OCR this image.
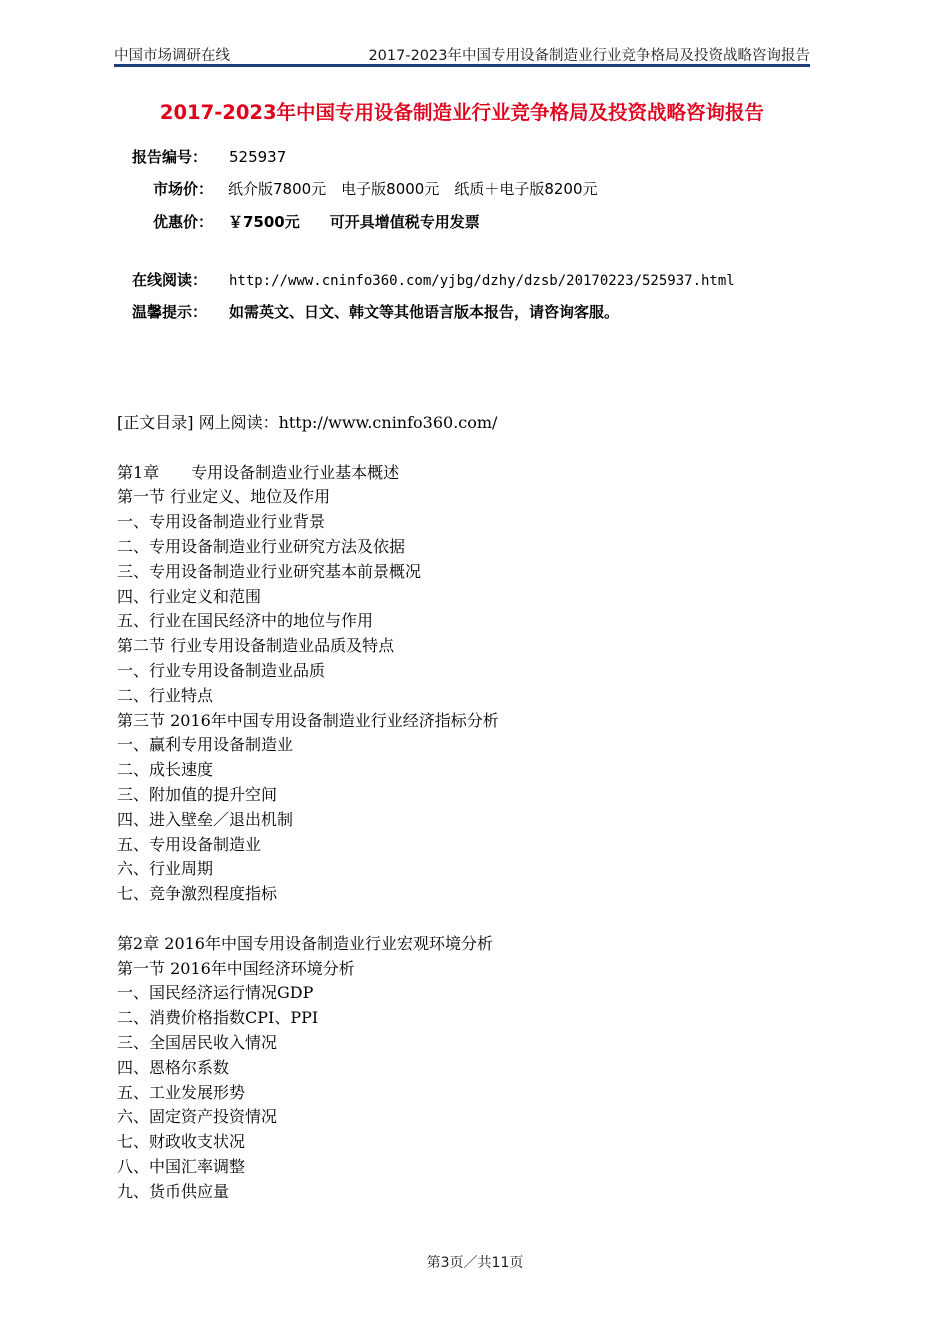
中国市场调研在线	2017-2023年中国专用设备制造业行业竞争格局及投资战略咨询报告
2017-2023年中国专用设备制造业行业竞争格局及投资战略咨询报告
报告编号： 525937
市场价： 纸介版7800元　电子版8000元　纸质＋电子版8200元
优惠价： ￥7500元　　可开具增值税专用发票
在线阅读： http://www.cninfo360.com/yjbg/dzhy/dzsb/20170223/525937.html
温馨提示： 如需英文、日文、韩文等其他语言版本报告，请咨询客服。
[正文目录] 网上阅读：http://www.cninfo360.com/
第1章　　专用设备制造业行业基本概述
第一节 行业定义、地位及作用
一、专用设备制造业行业背景
二、专用设备制造业行业研究方法及依据
三、专用设备制造业行业研究基本前景概况
四、行业定义和范围
五、行业在国民经济中的地位与作用
第二节 行业专用设备制造业品质及特点
一、行业专用设备制造业品质
二、行业特点
第三节 2016年中国专用设备制造业行业经济指标分析
一、赢利专用设备制造业
二、成长速度
三、附加值的提升空间
四、进入壁垒／退出机制
五、专用设备制造业
六、行业周期
七、竞争激烈程度指标
第2章 2016年中国专用设备制造业行业宏观环境分析
第一节 2016年中国经济环境分析
一、国民经济运行情况GDP
二、消费价格指数CPI、PPI
三、全国居民收入情况
四、恩格尔系数
五、工业发展形势
六、固定资产投资情况
七、财政收支状况
八、中国汇率调整
九、货币供应量
第3页／共11页
